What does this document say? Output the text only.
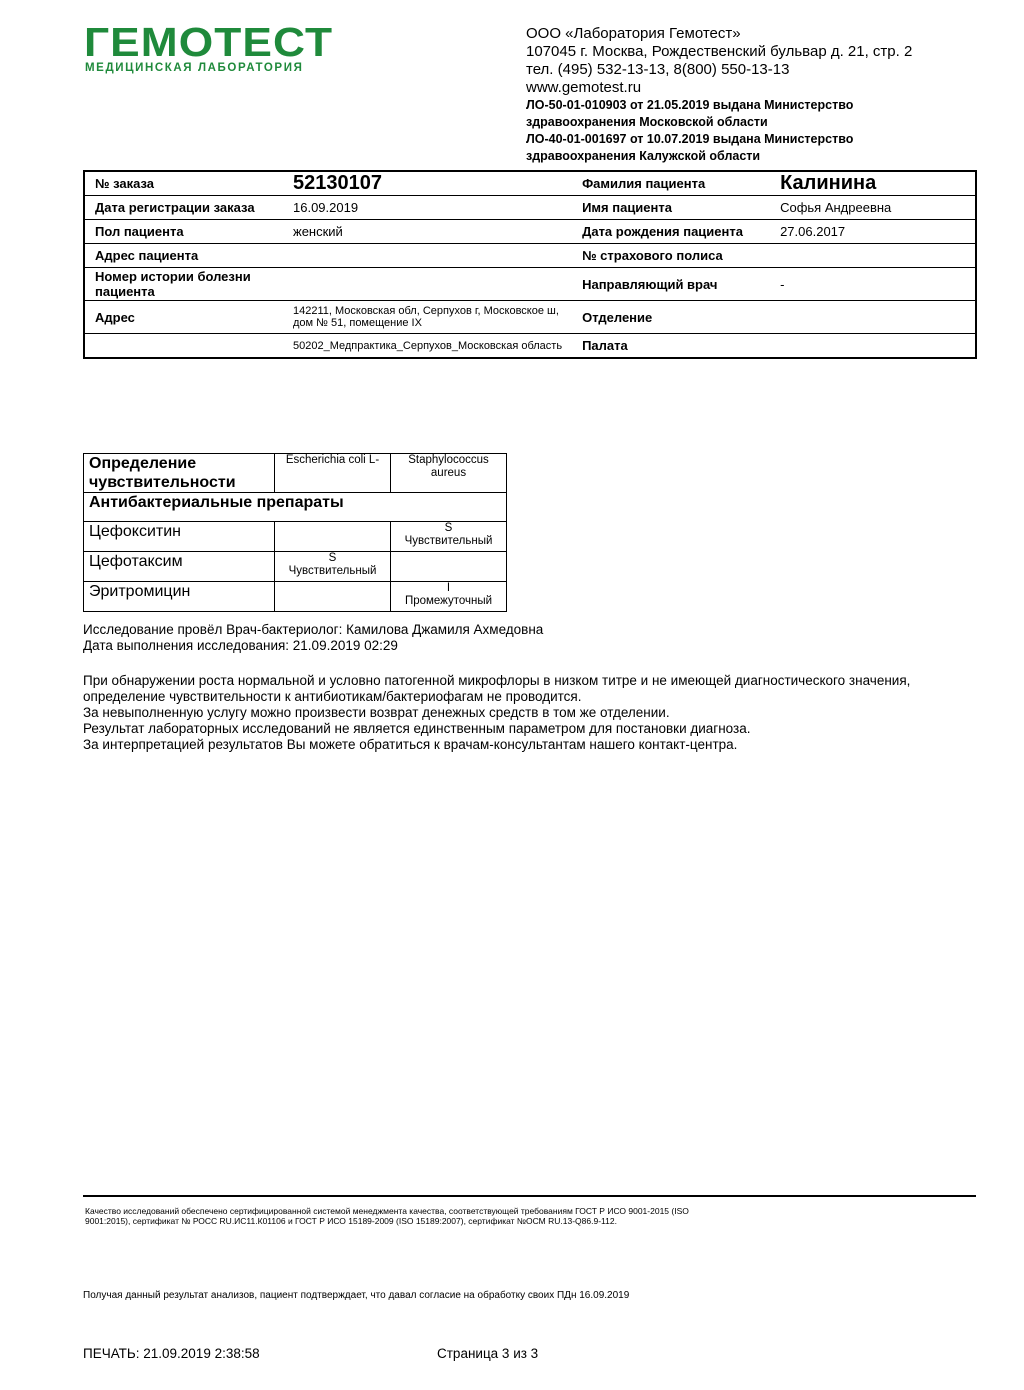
ГЕМОТЕСТ
МЕДИЦИНСКАЯ ЛАБОРАТОРИЯ
ООО «Лаборатория Гемотест»
107045 г. Москва, Рождественский бульвар д. 21, стр. 2
тел. (495) 532-13-13, 8(800) 550-13-13
www.gemotest.ru
ЛО-50-01-010903 от 21.05.2019 выдана Министерство
здравоохранения Московской области
ЛО-40-01-001697 от 10.07.2019 выдана Министерство
здравоохранения Калужской области
№ заказа	52130107	Фамилия пациента	Калинина
Дата регистрации заказа	16.09.2019	Имя пациента	Софья Андреевна
Пол пациента	женский	Дата рождения пациента	27.06.2017
Адрес пациента		№ страхового полиса	
Номер истории болезни пациента		Направляющий врач	-
Адрес	142211, Московская обл, Серпухов г, Московское ш, дом № 51, помещение IX	Отделение	
	50202_Медпрактика_Серпухов_Московская область	Палата	
Определение чувствительности	Escherichia coli L-	Staphylococcus aureus
Антибактериальные препараты		
Цефокситин		S
Чувствительный

Цефотаксим	S
Чувствительный	

Эритромицин		I
Промежуточный
Исследование провёл Врач-бактериолог: Камилова Джамиля Ахмедовна
Дата выполнения исследования: 21.09.2019 02:29
При обнаружении роста нормальной и условно патогенной микрофлоры в низком титре и не имеющей диагностического значения,
определение чувствительности к антибиотикам/бактериофагам не проводится.
За невыполненную услугу можно произвести возврат денежных средств в том же отделении.
Результат лабораторных исследований не является единственным параметром для постановки диагноза.
За интерпретацией результатов Вы можете обратиться к врачам-консультантам нашего контакт-центра.
Качество исследований обеспечено сертифицированной системой менеджмента качества, соответствующей требованиям ГОСТ Р ИСО 9001-2015 (ISO
9001:2015), сертификат № РОСС RU.ИС11.К01106 и ГОСТ Р ИСО 15189-2009 (ISO 15189:2007), сертификат №ОСМ RU.13-Q86.9-112.
Получая данный результат анализов, пациент подтверждает, что давал согласие на обработку своих ПДн 16.09.2019
ПЕЧАТЬ: 21.09.2019 2:38:58	Страница 3 из 3
